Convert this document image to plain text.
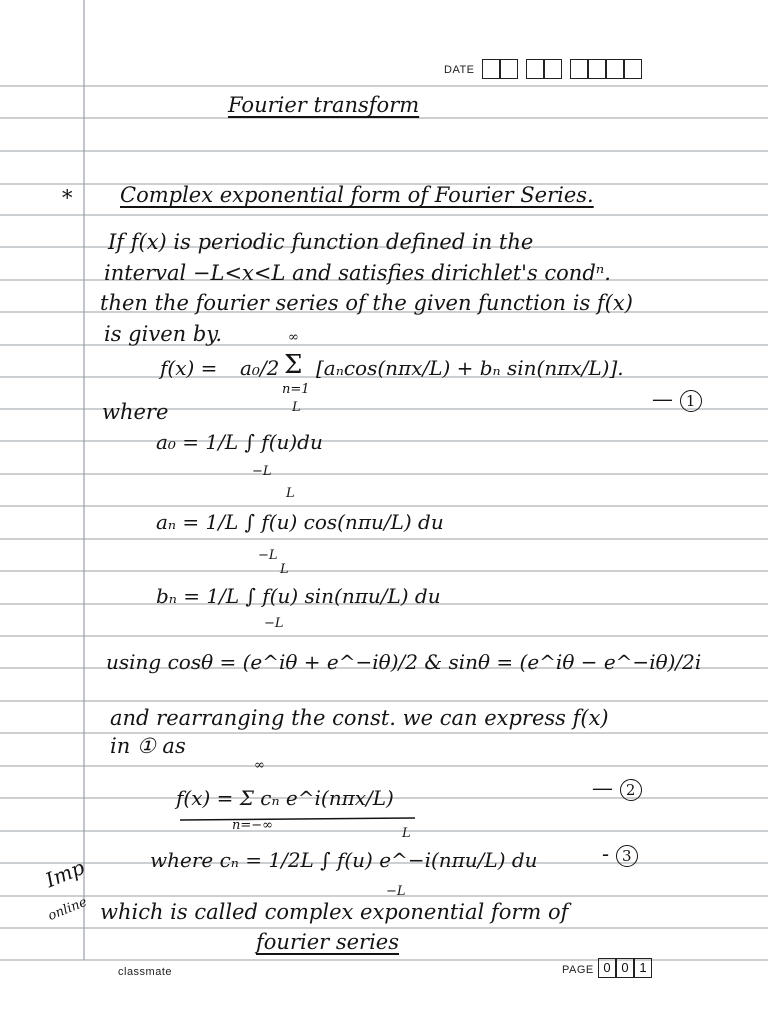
DATE
Fourier transform
* Complex exponential form of Fourier Series.
If f(x) is periodic function defined in the
interval −L<x<L and satisfies dirichlet's condⁿ.
then the fourier series of the given function is f(x)
is given by.	∞
f(x) = a₀/2 Σ
n=1
[aₙcos(nπx/L) + bₙ sin(nπx/L)].
— 1
where	L
a₀ = 1/L ∫ f(u)du
−L
L
aₙ = 1/L ∫ f(u) cos(nπu/L) du
−L
L
bₙ = 1/L ∫ f(u) sin(nπu/L) du
−L
using cosθ = (e^iθ + e^−iθ)/2 & sinθ = (e^iθ − e^−iθ)/2i
and rearranging the const. we can express f(x)
in ① as
∞
f(x) = Σ cₙ e^i(nπx/L)
n=−∞
— 2
Imp
online
L
where cₙ = 1/2L ∫ f(u) e^−i(nπu/L) du
−L
- 3
which is called complex exponential form of
fourier series
classmate	PAGE 0 0 1
